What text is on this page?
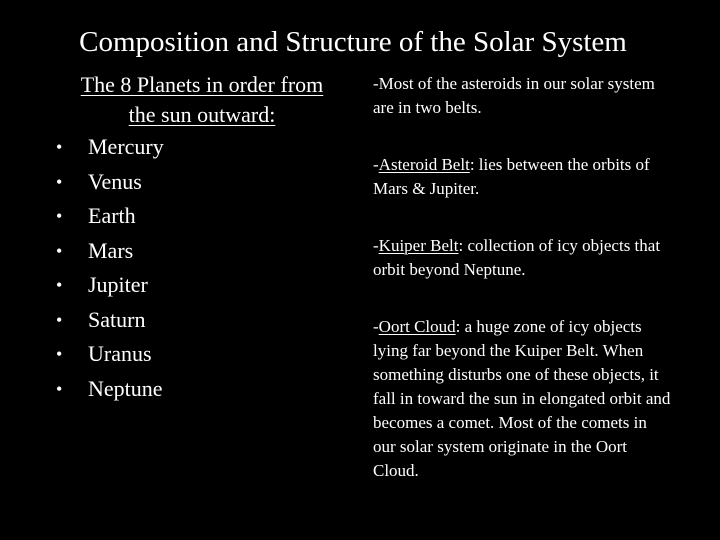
Composition and Structure of the Solar System
The 8 Planets in order from the sun outward:
• Mercury
• Venus
• Earth
• Mars
• Jupiter
• Saturn
• Uranus
• Neptune

-Most of the asteroids in our solar system are in two belts.

-Asteroid Belt: lies between the orbits of Mars & Jupiter.

-Kuiper Belt: collection of icy objects that orbit beyond Neptune.

-Oort Cloud: a huge zone of icy objects lying far beyond the Kuiper Belt. When something disturbs one of these objects, it fall in toward the sun in elongated orbit and becomes a comet. Most of the comets in our solar system originate in the Oort Cloud.
